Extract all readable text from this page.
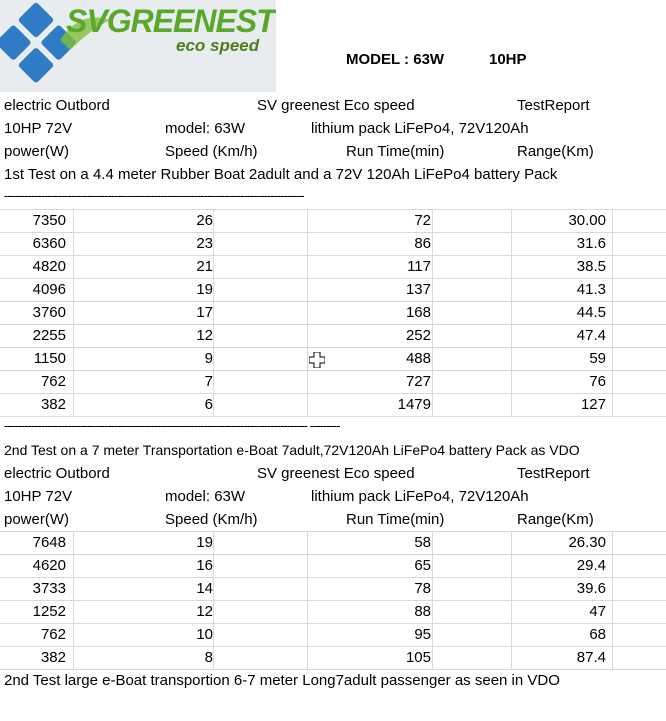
SVGREENEST
eco speed
MODEL : 63W	10HP
electric Outbord	SV greenest Eco speed	TestReport
10HP 72V	model: 63W	lithium pack LiFePo4, 72V120Ah
power(W)	Speed (Km/h)	Run Time(min)	Range(Km)
1st Test on a 4.4 meter Rubber Boat 2adult and a 72V 120Ah LiFePo4 battery Pack
------------------------------------------------------------------------------------------
7350	26	72	30.00
6360	23	86	31.6
4820	21	117	38.5
4096	19	137	41.3
3760	17	168	44.5
2255	12	252	47.4
1150	9	488	59
762	7	727	76
382	6	1479	127
------------------------------------------------------------------------------------------- ---------
2nd Test on a 7 meter Transportation e-Boat 7adult,72V120Ah LiFePo4 battery Pack as VDO
electric Outbord	SV greenest Eco speed	TestReport
10HP 72V	model: 63W	lithium pack LiFePo4, 72V120Ah
power(W)	Speed (Km/h)	Run Time(min)	Range(Km)
7648	19	58	26.30
4620	16	65	29.4
3733	14	78	39.6
1252	12	88	47
762	10	95	68
382	8	105	87.4
2nd Test large e-Boat transportion 6-7 meter Long7adult passenger as seen in VDO
